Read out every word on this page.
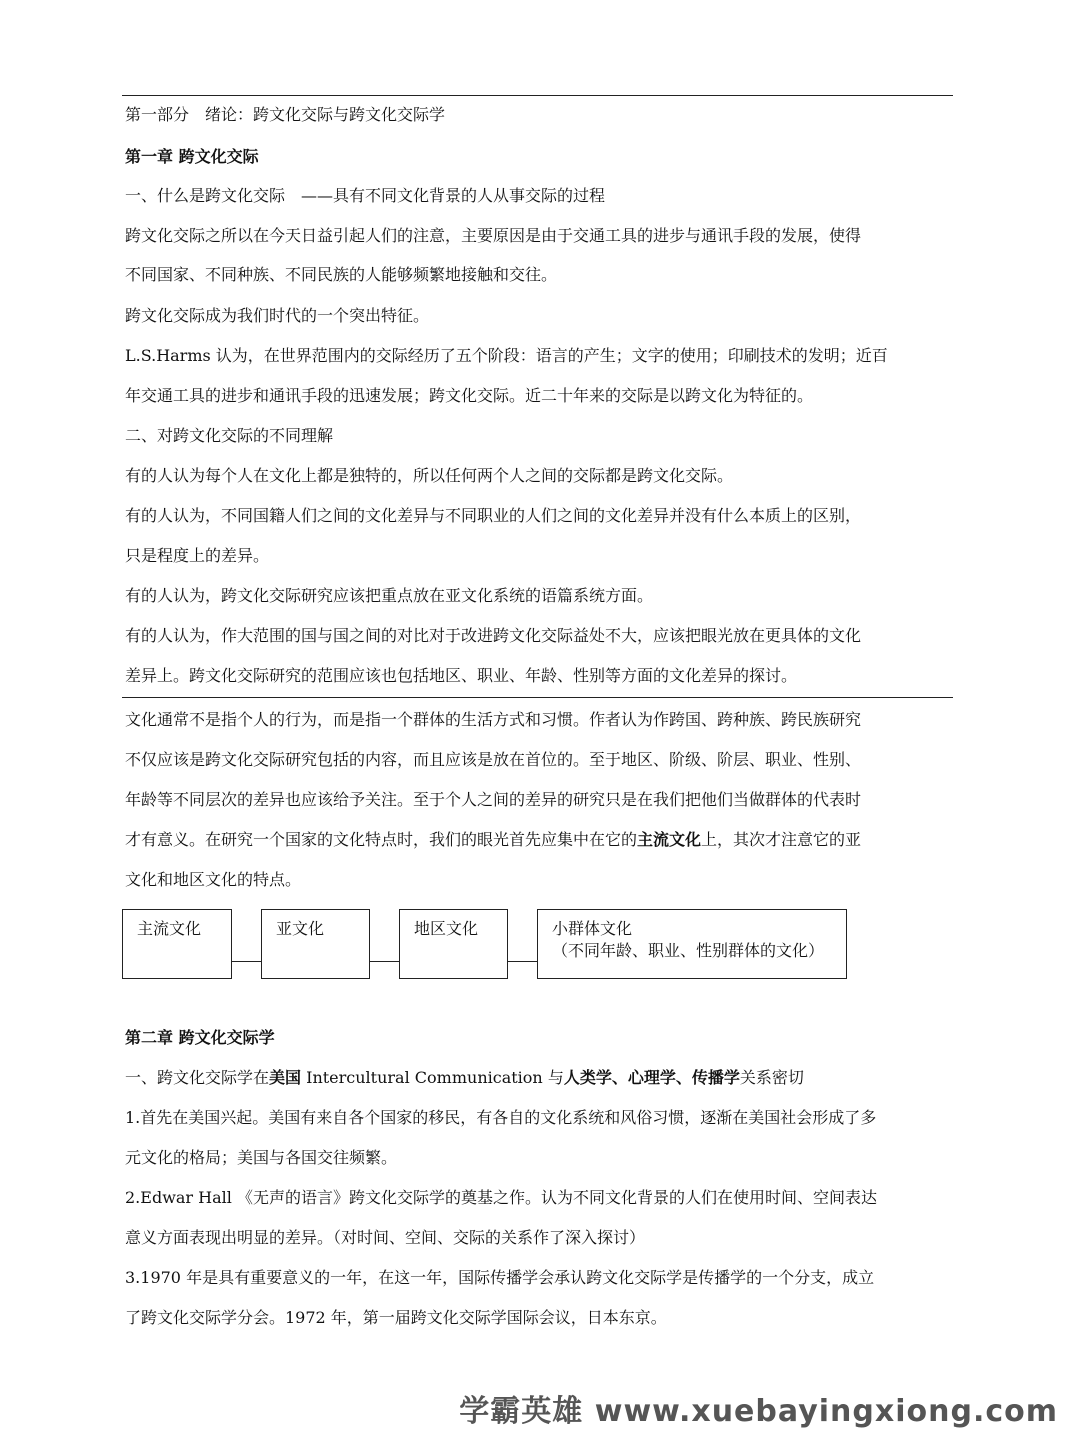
第一部分　绪论：跨文化交际与跨文化交际学
第一章 跨文化交际
一、什么是跨文化交际　——具有不同文化背景的人从事交际的过程
跨文化交际之所以在今天日益引起人们的注意，主要原因是由于交通工具的进步与通讯手段的发展，使得
不同国家、不同种族、不同民族的人能够频繁地接触和交往。
跨文化交际成为我们时代的一个突出特征。
L.S.Harms 认为，在世界范围内的交际经历了五个阶段：语言的产生；文字的使用；印刷技术的发明；近百
年交通工具的进步和通讯手段的迅速发展；跨文化交际。近二十年来的交际是以跨文化为特征的。
二、对跨文化交际的不同理解
有的人认为每个人在文化上都是独特的，所以任何两个人之间的交际都是跨文化交际。
有的人认为，不同国籍人们之间的文化差异与不同职业的人们之间的文化差异并没有什么本质上的区别，
只是程度上的差异。
有的人认为，跨文化交际研究应该把重点放在亚文化系统的语篇系统方面。
有的人认为，作大范围的国与国之间的对比对于改进跨文化交际益处不大，应该把眼光放在更具体的文化
差异上。跨文化交际研究的范围应该也包括地区、职业、年龄、性别等方面的文化差异的探讨。
文化通常不是指个人的行为，而是指一个群体的生活方式和习惯。作者认为作跨国、跨种族、跨民族研究
不仅应该是跨文化交际研究包括的内容，而且应该是放在首位的。至于地区、阶级、阶层、职业、性别、
年龄等不同层次的差异也应该给予关注。至于个人之间的差异的研究只是在我们把他们当做群体的代表时
才有意义。在研究一个国家的文化特点时，我们的眼光首先应集中在它的主流文化上，其次才注意它的亚
文化和地区文化的特点。
主流文化	亚文化	地区文化	小群体文化
（不同年龄、职业、性别群体的文化）
第二章 跨文化交际学
一、跨文化交际学在美国 Intercultural Communication 与人类学、心理学、传播学关系密切
1.首先在美国兴起。美国有来自各个国家的移民，有各自的文化系统和风俗习惯，逐渐在美国社会形成了多
元文化的格局；美国与各国交往频繁。
2.Edwar Hall 《无声的语言》跨文化交际学的奠基之作。认为不同文化背景的人们在使用时间、空间表达
意义方面表现出明显的差异。（对时间、空间、交际的关系作了深入探讨）
3.1970 年是具有重要意义的一年，在这一年，国际传播学会承认跨文化交际学是传播学的一个分支，成立
了跨文化交际学分会。1972 年，第一届跨文化交际学国际会议，日本东京。
学霸英雄 www.xuebayingxiong.com
